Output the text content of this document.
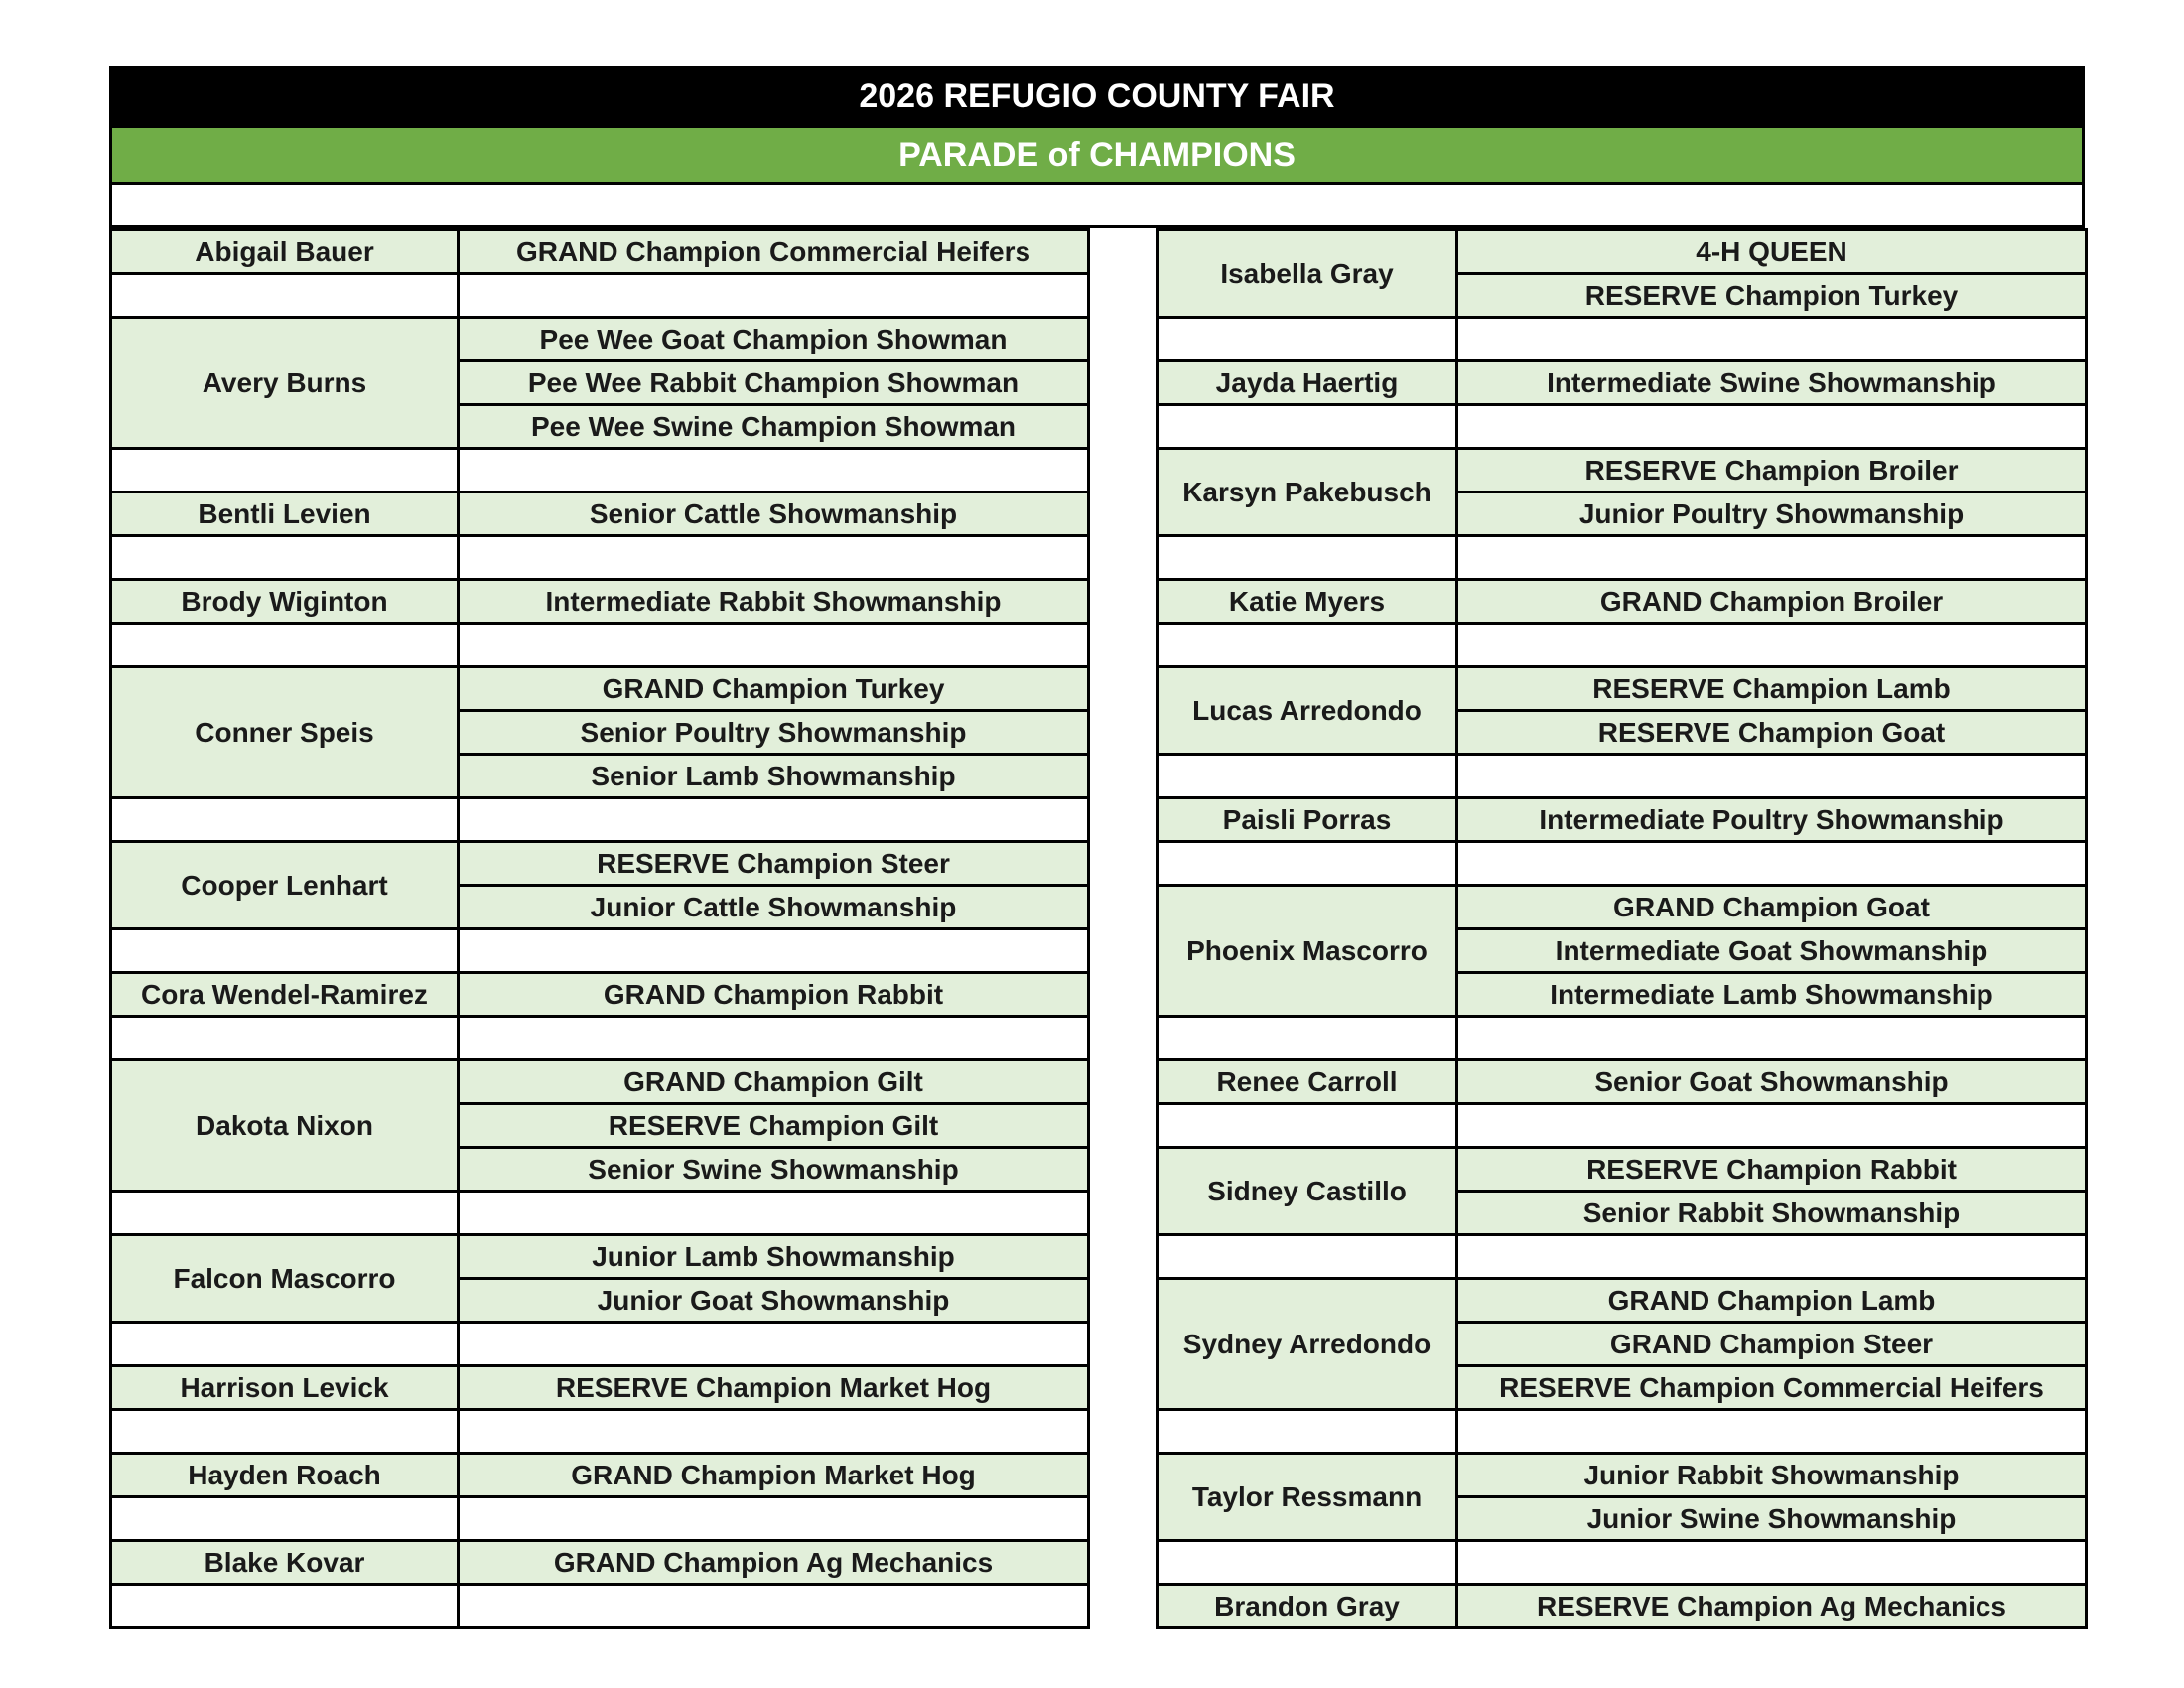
2026 REFUGIO COUNTY FAIR
PARADE of CHAMPIONS
Abigail Bauer	GRAND Champion Commercial Heifers

Avery Burns	Pee Wee Goat Champion Showman
	Pee Wee Rabbit Champion Showman
	Pee Wee Swine Champion Showman

Bentli Levien	Senior Cattle Showmanship

Brody Wiginton	Intermediate Rabbit Showmanship

Conner Speis	GRAND Champion Turkey
	Senior Poultry Showmanship
	Senior Lamb Showmanship

Cooper Lenhart	RESERVE Champion Steer
	Junior Cattle Showmanship

Cora Wendel-Ramirez	GRAND Champion Rabbit

Dakota Nixon	GRAND Champion Gilt
	RESERVE Champion Gilt
	Senior Swine Showmanship

Falcon Mascorro	Junior Lamb Showmanship
	Junior Goat Showmanship

Harrison Levick	RESERVE Champion Market Hog

Hayden Roach	GRAND Champion Market Hog

Blake Kovar	GRAND Champion Ag Mechanics

Isabella Gray	4-H QUEEN
	RESERVE Champion Turkey

Jayda Haertig	Intermediate Swine Showmanship

Karsyn Pakebusch	RESERVE Champion Broiler
	Junior Poultry Showmanship

Katie Myers	GRAND Champion Broiler

Lucas Arredondo	RESERVE Champion Lamb
	RESERVE Champion Goat

Paisli Porras	Intermediate Poultry Showmanship

Phoenix Mascorro	GRAND Champion Goat
	Intermediate Goat Showmanship
	Intermediate Lamb Showmanship

Renee Carroll	Senior Goat Showmanship

Sidney Castillo	RESERVE Champion Rabbit
	Senior Rabbit Showmanship

Sydney Arredondo	GRAND Champion Lamb
	GRAND Champion Steer
	RESERVE Champion Commercial Heifers

Taylor Ressmann	Junior Rabbit Showmanship
	Junior Swine Showmanship

Brandon Gray	RESERVE Champion Ag Mechanics
